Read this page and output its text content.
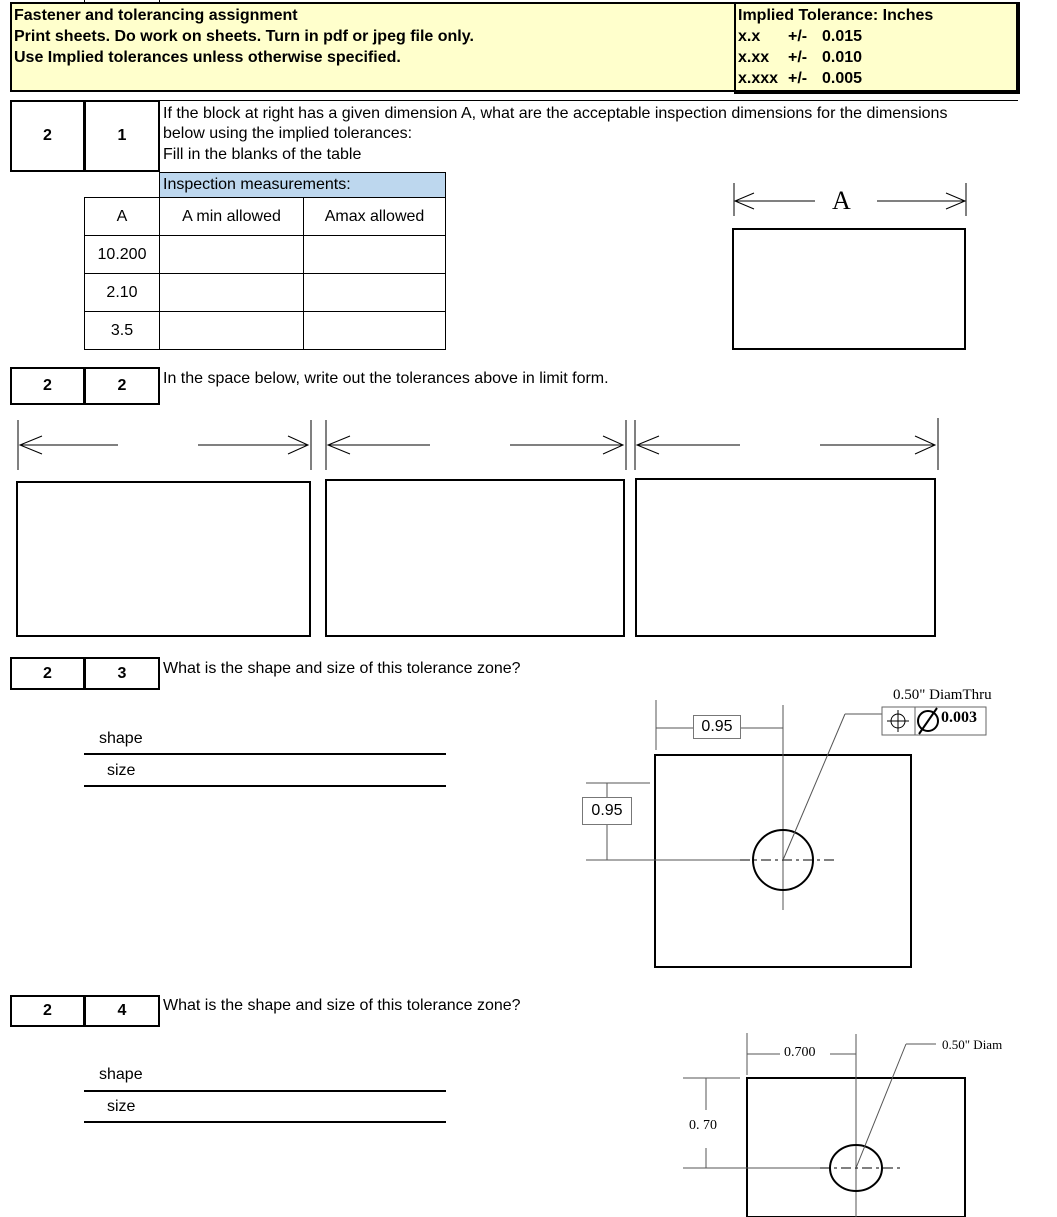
Fastener and tolerancing assignment
Print sheets. Do work on sheets. Turn in pdf or jpeg file only.
Use Implied tolerances unless otherwise specified.
Implied Tolerance: Inches
x.x +/- 0.015
x.xx +/- 0.010
x.xxx +/- 0.005
2	1
If the block at right has a given dimension A, what are the acceptable inspection dimensions for the dimensions
below using the implied tolerances:
Fill in the blanks of the table
Inspection measurements:
A	A min allowed	Amax allowed
10.200
2.10
3.5
A
2	2	In the space below, write out the tolerances above in limit form.
2	3	What is the shape and size of this tolerance zone?
shape
size
0.95
0.95
0.50" DiamThru
0.003
2	4	What is the shape and size of this tolerance zone?
shape
size
0.700
0. 70
0.50" Diam
